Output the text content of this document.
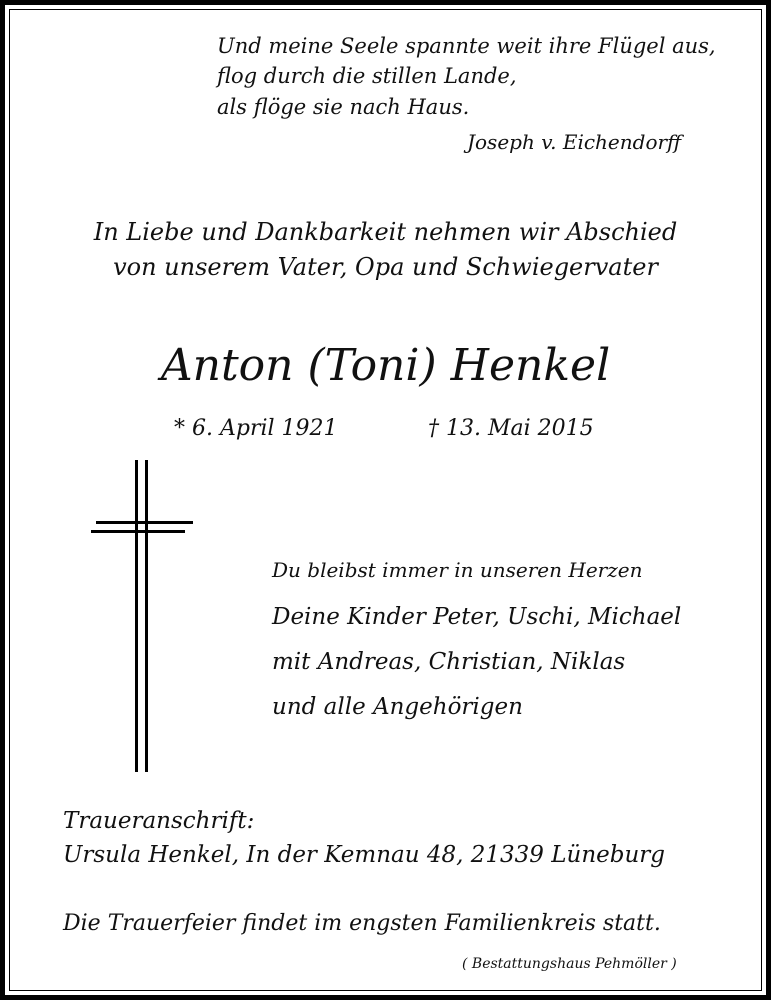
Und meine Seele spannte weit ihre Flügel aus,
flog durch die stillen Lande,
als flöge sie nach Haus.
Joseph v. Eichendorff
In Liebe und Dankbarkeit nehmen wir Abschied
von unserem Vater, Opa und Schwiegervater
Anton (Toni) Henkel
* 6. April 1921	† 13. Mai 2015
Du bleibst immer in unseren Herzen
Deine Kinder Peter, Uschi, Michael
mit Andreas, Christian, Niklas
und alle Angehörigen
Traueranschrift:
Ursula Henkel, In der Kemnau 48, 21339 Lüneburg
Die Trauerfeier findet im engsten Familienkreis statt.
( Bestattungshaus Pehmöller )
